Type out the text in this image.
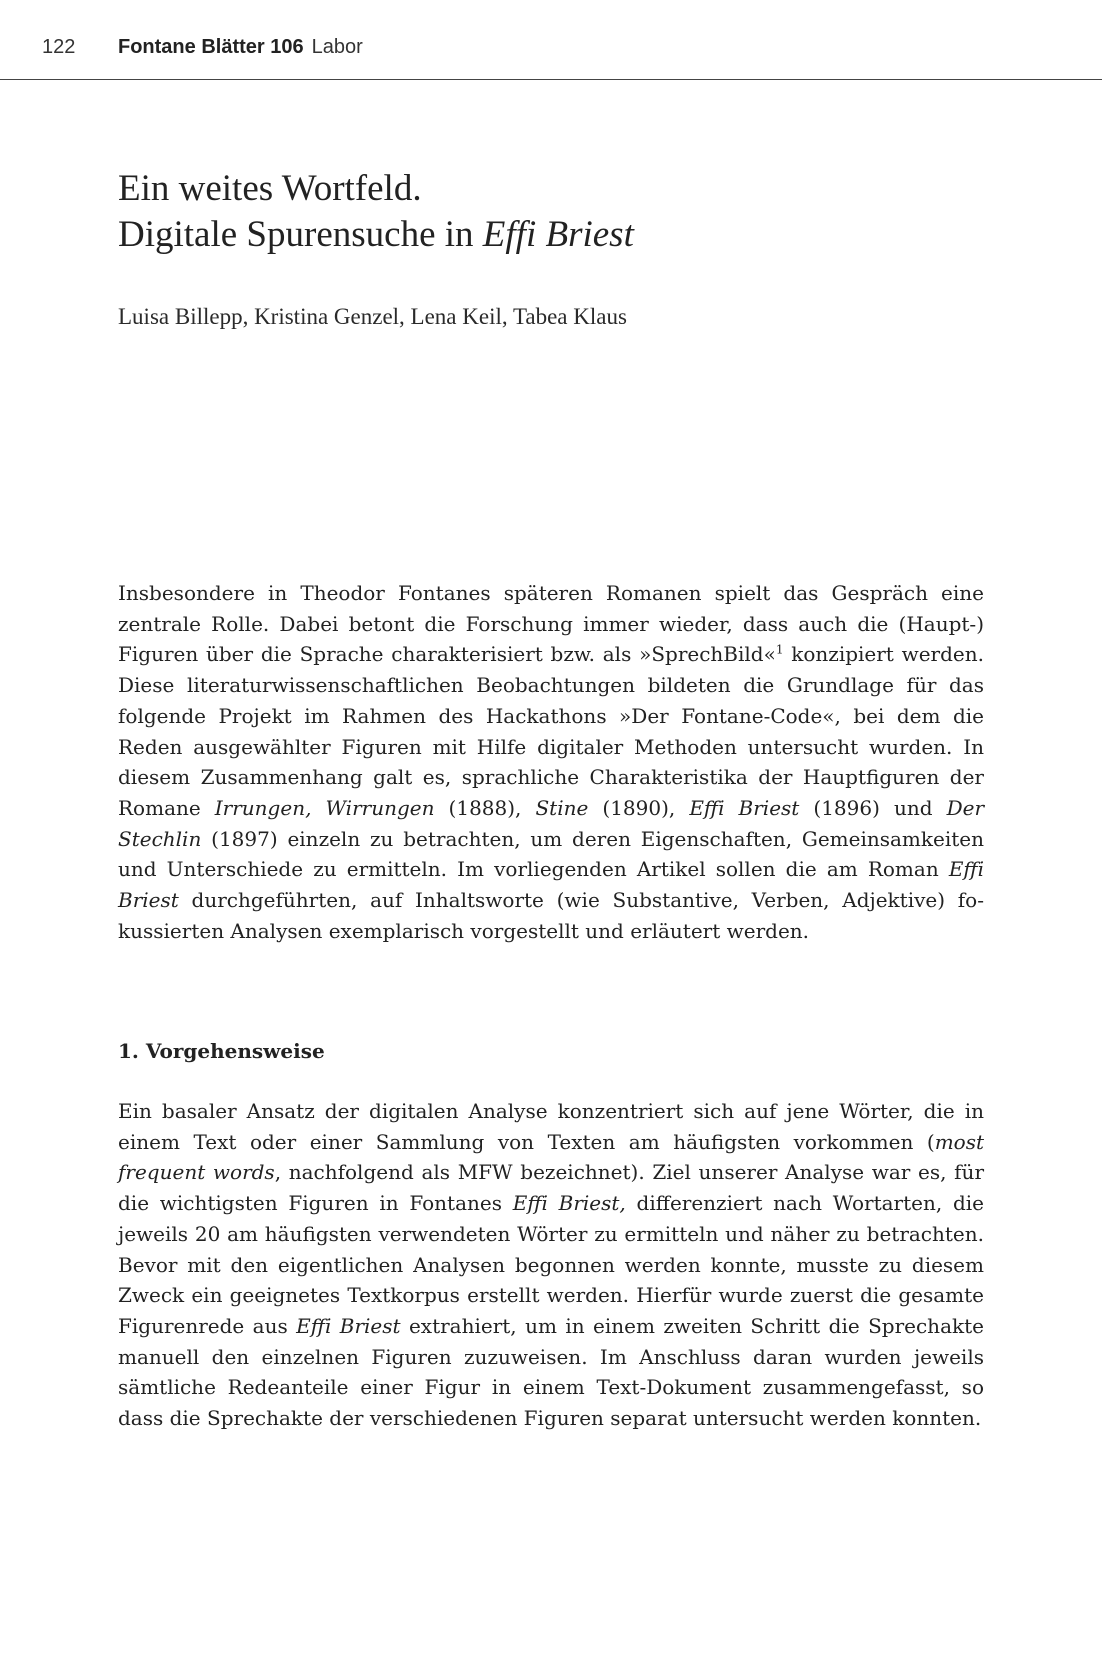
122 Fontane Blätter 106 Labor
Ein weites Wortfeld.
Digitale Spurensuche in Effi Briest

Luisa Billepp, Kristina Genzel, Lena Keil, Tabea Klaus

Insbesondere in Theodor Fontanes späteren Romanen spielt das Gespräch eine zentrale Rolle. Dabei betont die Forschung immer wieder, dass auch die (Haupt-) Figuren über die Sprache charakterisiert bzw. als »SprechBild«$^1$ konzipiert werden. Diese literaturwissenschaftlichen Beobachtungen bildeten die Grundlage für das folgende Projekt im Rahmen des Hackathons »Der Fontane-Code«, bei dem die Reden ausgewählter Figuren mit Hilfe digitaler Methoden untersucht wurden. In diesem Zusammenhang galt es, sprachliche Charakteristika der Hauptfiguren der Romane Irrungen, Wirrungen (1888), Stine (1890), Effi Briest (1896) und Der Stechlin (1897) einzeln zu betrachten, um deren Eigenschaften, Gemeinsamkeiten und Unterschiede zu ermitteln. Im vorliegenden Artikel sollen die am Roman Effi Briest durchgeführten, auf Inhaltsworte (wie Substantive, Verben, Adjektive) fokussierten Analysen exemplarisch vorgestellt und erläutert werden.

1. Vorgehensweise

Ein basaler Ansatz der digitalen Analyse konzentriert sich auf jene Wörter, die in einem Text oder einer Sammlung von Texten am häufigsten vorkommen (most frequent words, nachfolgend als MFW bezeichnet). Ziel unserer Analyse war es, für die wichtigsten Figuren in Fontanes Effi Briest, differenziert nach Wortarten, die jeweils 20 am häufigsten verwendeten Wörter zu ermitteln und näher zu betrachten. Bevor mit den eigentlichen Analysen begonnen werden konnte, musste zu diesem Zweck ein geeignetes Textkorpus erstellt werden. Hierfür wurde zuerst die gesamte Figurenrede aus Effi Briest extrahiert, um in einem zweiten Schritt die Sprechakte manuell den einzelnen Figuren zuzuweisen. Im Anschluss daran wurden jeweils sämtliche Redeanteile einer Figur in einem Text-Dokument zusammengefasst, so dass die Sprechakte der verschiedenen Figuren separat untersucht werden konnten.
